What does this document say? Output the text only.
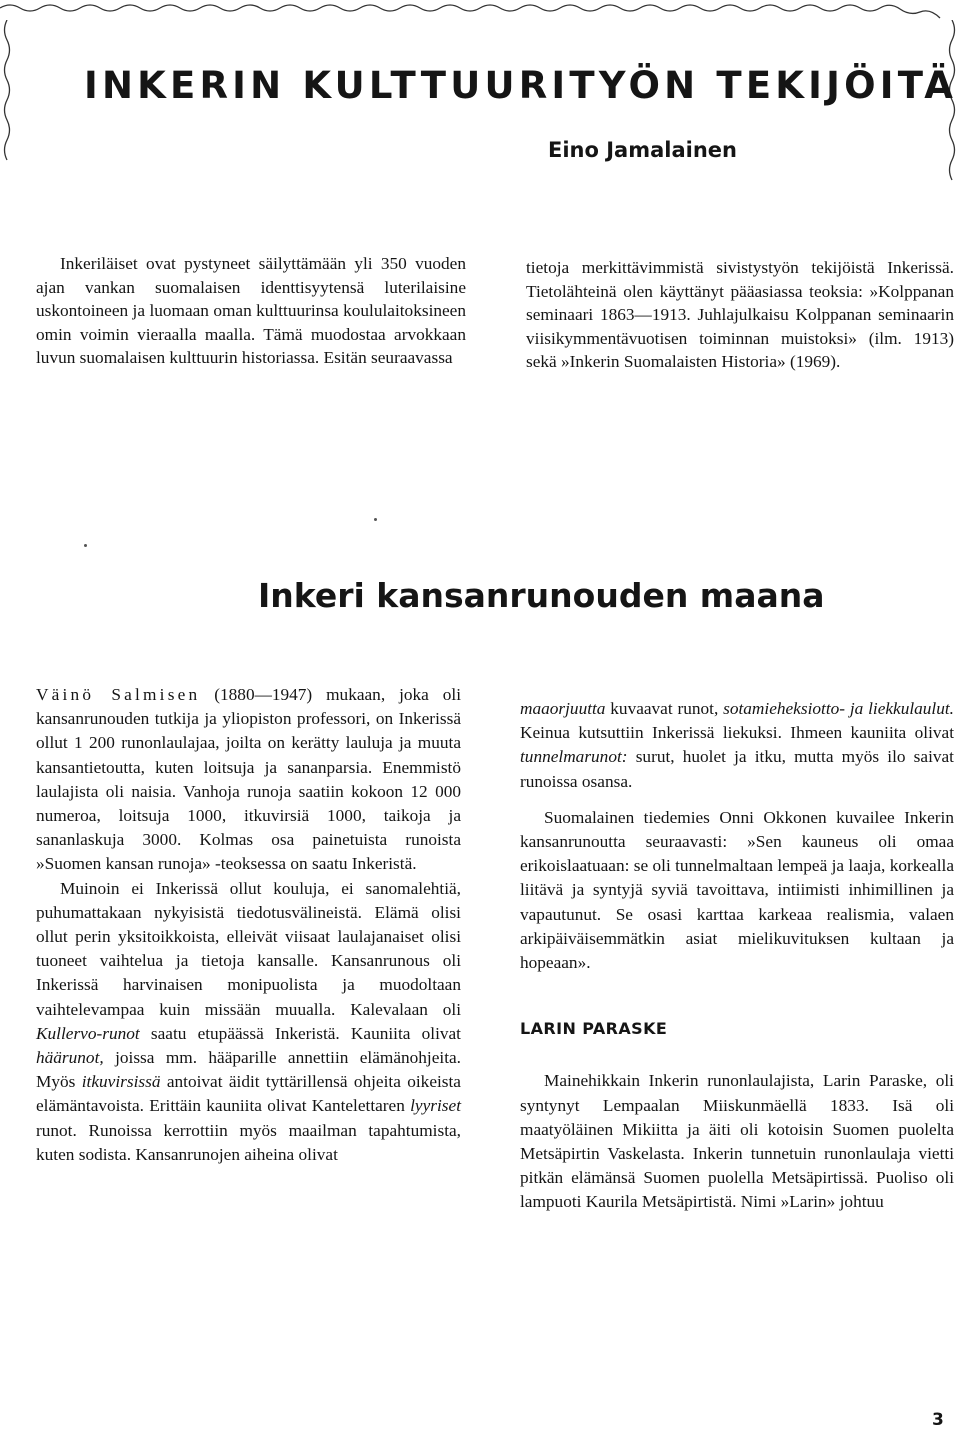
INKERIN KULTTUURITYÖN TEKIJÖITÄ

Eino Jamalainen

Inkeriläiset ovat pystyneet säilyttämään yli 350 vuoden ajan vankan suomalaisen identtisyytensä luterilaisine uskontoineen ja luomaan oman kulttuurinsa koululaitoksineen omin voimin vieraalla maalla. Tämä muodostaa arvokkaan luvun suomalaisen kulttuurin historiassa. Esitän seuraavassa

tietoja merkittävimmistä sivistystyön tekijöistä Inkerissä. Tietolähteinä olen käyttänyt pääasiassa teoksia: »Kolppanan seminaari 1863—1913. Juhlajulkaisu Kolppanan seminaarin viisikymmentävuotisen toiminnan muistoksi» (ilm. 1913) sekä »Inkerin Suomalaisten Historia» (1969).

Inkeri kansanrunouden maana

Väinö Salmisen (1880—1947) mukaan, joka oli kansanrunouden tutkija ja yliopiston professori, on Inkerissä ollut 1 200 runonlaulajaa, joilta on kerätty lauluja ja muuta kansantietoutta, kuten loitsuja ja sananparsia. Enemmistö laulajista oli naisia. Vanhoja runoja saatiin kokoon 12 000 numeroa, loitsuja 1000, itkuvirsiä 1000, taikoja ja sananlaskuja 3000. Kolmas osa painetuista runoista »Suomen kansan runoja» -teoksessa on saatu Inkeristä.

Muinoin ei Inkerissä ollut kouluja, ei sanomalehtiä, puhumattakaan nykyisistä tiedotusvälineistä. Elämä olisi ollut perin yksitoikkoista, elleivät viisaat laulajanaiset olisi tuoneet vaihtelua ja tietoja kansalle. Kansanrunous oli Inkerissä harvinaisen monipuolista ja muodoltaan vaihtelevampaa kuin missään muualla. Kalevalaan oli Kullervo-runot saatu etupäässä Inkeristä. Kauniita olivat häärunot, joissa mm. hääparille annettiin elämänohjeita. Myös itkuvirsissä antoivat äidit tyttärillensä ohjeita oikeista elämäntavoista. Erittäin kauniita olivat Kantelettaren lyyriset runot. Runoissa kerrottiin myös maailman tapahtumista, kuten sodista. Kansanrunojen aiheina olivat

maaorjuutta kuvaavat runot, sotamieheksiotto- ja liekkulaulut. Keinua kutsuttiin Inkerissä liekuksi. Ihmeen kauniita olivat tunnelmarunot: surut, huolet ja itku, mutta myös ilo saivat runoissa osansa.

Suomalainen tiedemies Onni Okkonen kuvailee Inkerin kansanrunoutta seuraavasti: »Sen kauneus oli omaa erikoislaatuaan: se oli tunnelmaltaan lempeä ja laaja, korkealla liitävä ja syntyjä syviä tavoittava, intiimisti inhimillinen ja vapautunut. Se osasi karttaa karkeaa realismia, valaen arkipäiväisemmätkin asiat mielikuvituksen kultaan ja hopeaan».

LARIN PARASKE

Mainehikkain Inkerin runonlaulajista, Larin Paraske, oli syntynyt Lempaalan Miiskunmäellä 1833. Isä oli maatyöläinen Mikiitta ja äiti oli kotoisin Suomen puolelta Metsäpirtin Vaskelasta. Inkerin tunnetuin runonlaulaja vietti pitkän elämänsä Suomen puolella Metsäpirtissä. Puoliso oli lampuoti Kaurila Metsäpirtistä. Nimi »Larin» johtuu

3
